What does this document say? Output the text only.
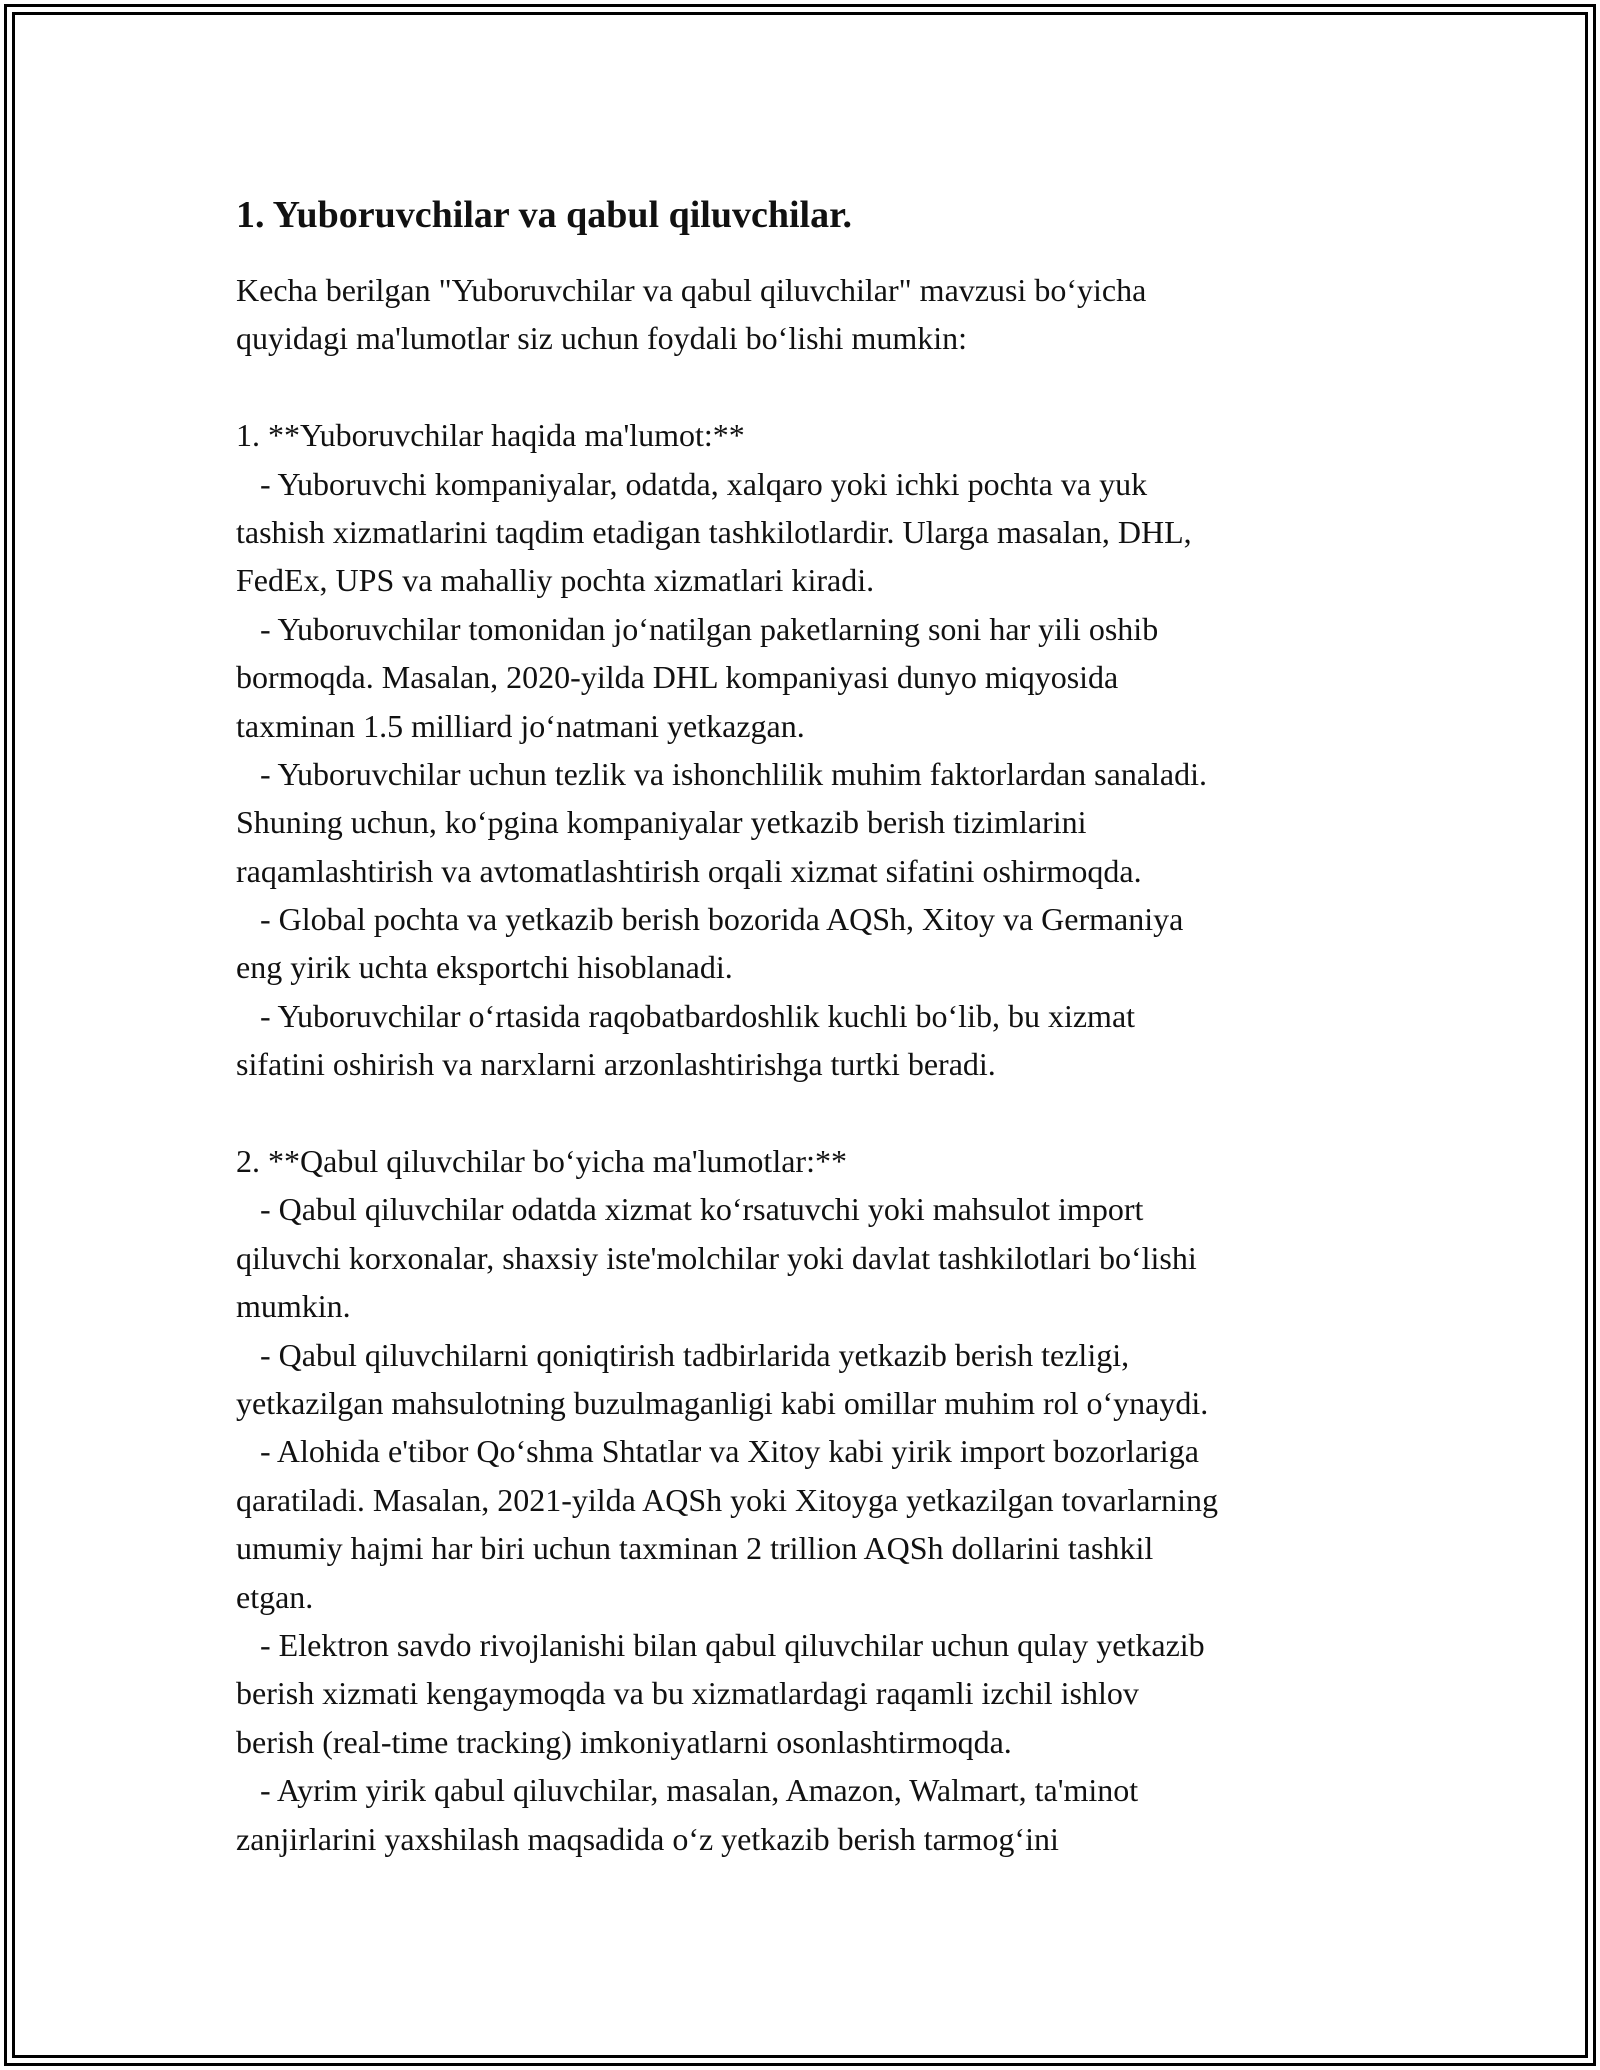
1. Yuboruvchilar va qabul qiluvchilar.
Kecha berilgan "Yuboruvchilar va qabul qiluvchilar" mavzusi bo‘yicha
quyidagi ma'lumotlar siz uchun foydali bo‘lishi mumkin:
1. **Yuboruvchilar haqida ma'lumot:**
- Yuboruvchi kompaniyalar, odatda, xalqaro yoki ichki pochta va yuk
tashish xizmatlarini taqdim etadigan tashkilotlardir. Ularga masalan, DHL,
FedEx, UPS va mahalliy pochta xizmatlari kiradi.
- Yuboruvchilar tomonidan jo‘natilgan paketlarning soni har yili oshib
bormoqda. Masalan, 2020-yilda DHL kompaniyasi dunyo miqyosida
taxminan 1.5 milliard jo‘natmani yetkazgan.
- Yuboruvchilar uchun tezlik va ishonchlilik muhim faktorlardan sanaladi.
Shuning uchun, ko‘pgina kompaniyalar yetkazib berish tizimlarini
raqamlashtirish va avtomatlashtirish orqali xizmat sifatini oshirmoqda.
- Global pochta va yetkazib berish bozorida AQSh, Xitoy va Germaniya
eng yirik uchta eksportchi hisoblanadi.
- Yuboruvchilar o‘rtasida raqobatbardoshlik kuchli bo‘lib, bu xizmat
sifatini oshirish va narxlarni arzonlashtirishga turtki beradi.
2. **Qabul qiluvchilar bo‘yicha ma'lumotlar:**
- Qabul qiluvchilar odatda xizmat ko‘rsatuvchi yoki mahsulot import
qiluvchi korxonalar, shaxsiy iste'molchilar yoki davlat tashkilotlari bo‘lishi
mumkin.
- Qabul qiluvchilarni qoniqtirish tadbirlarida yetkazib berish tezligi,
yetkazilgan mahsulotning buzulmaganligi kabi omillar muhim rol o‘ynaydi.
- Alohida e'tibor Qo‘shma Shtatlar va Xitoy kabi yirik import bozorlariga
qaratiladi. Masalan, 2021-yilda AQSh yoki Xitoyga yetkazilgan tovarlarning
umumiy hajmi har biri uchun taxminan 2 trillion AQSh dollarini tashkil
etgan.
- Elektron savdo rivojlanishi bilan qabul qiluvchilar uchun qulay yetkazib
berish xizmati kengaymoqda va bu xizmatlardagi raqamli izchil ishlov
berish (real-time tracking) imkoniyatlarni osonlashtirmoqda.
- Ayrim yirik qabul qiluvchilar, masalan, Amazon, Walmart, ta'minot
zanjirlarini yaxshilash maqsadida o‘z yetkazib berish tarmog‘ini
